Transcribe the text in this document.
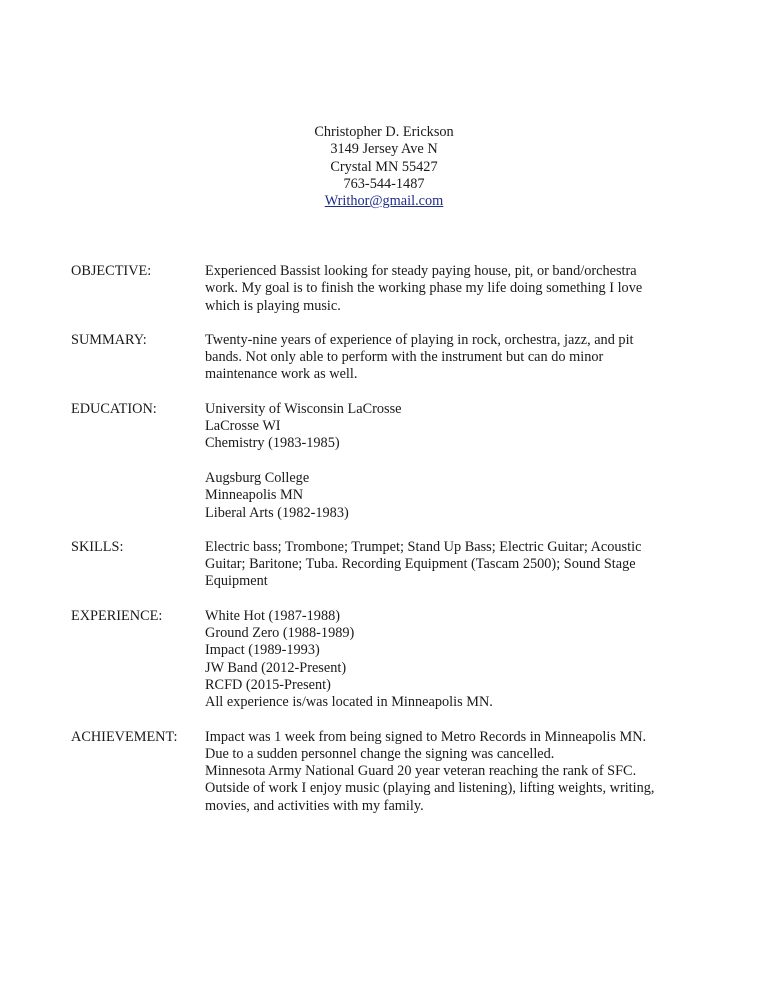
Christopher D. Erickson
3149 Jersey Ave N
Crystal MN 55427
763-544-1487
Writhor@gmail.com
OBJECTIVE:	Experienced Bassist looking for steady paying house, pit, or band/orchestra
work. My goal is to finish the working phase my life doing something I love
which is playing music.
SUMMARY:	Twenty-nine years of experience of playing in rock, orchestra, jazz, and pit
bands. Not only able to perform with the instrument but can do minor
maintenance work as well.
EDUCATION:	University of Wisconsin LaCrosse
LaCrosse WI
Chemistry (1983-1985)
Augsburg College
Minneapolis MN
Liberal Arts (1982-1983)
SKILLS:	Electric bass; Trombone; Trumpet; Stand Up Bass; Electric Guitar; Acoustic
Guitar; Baritone; Tuba. Recording Equipment (Tascam 2500); Sound Stage
Equipment
EXPERIENCE:	White Hot (1987-1988)
Ground Zero (1988-1989)
Impact (1989-1993)
JW Band (2012-Present)
RCFD (2015-Present)
All experience is/was located in Minneapolis MN.
ACHIEVEMENT:	Impact was 1 week from being signed to Metro Records in Minneapolis MN.
Due to a sudden personnel change the signing was cancelled.
Minnesota Army National Guard 20 year veteran reaching the rank of SFC.
Outside of work I enjoy music (playing and listening), lifting weights, writing,
movies, and activities with my family.
